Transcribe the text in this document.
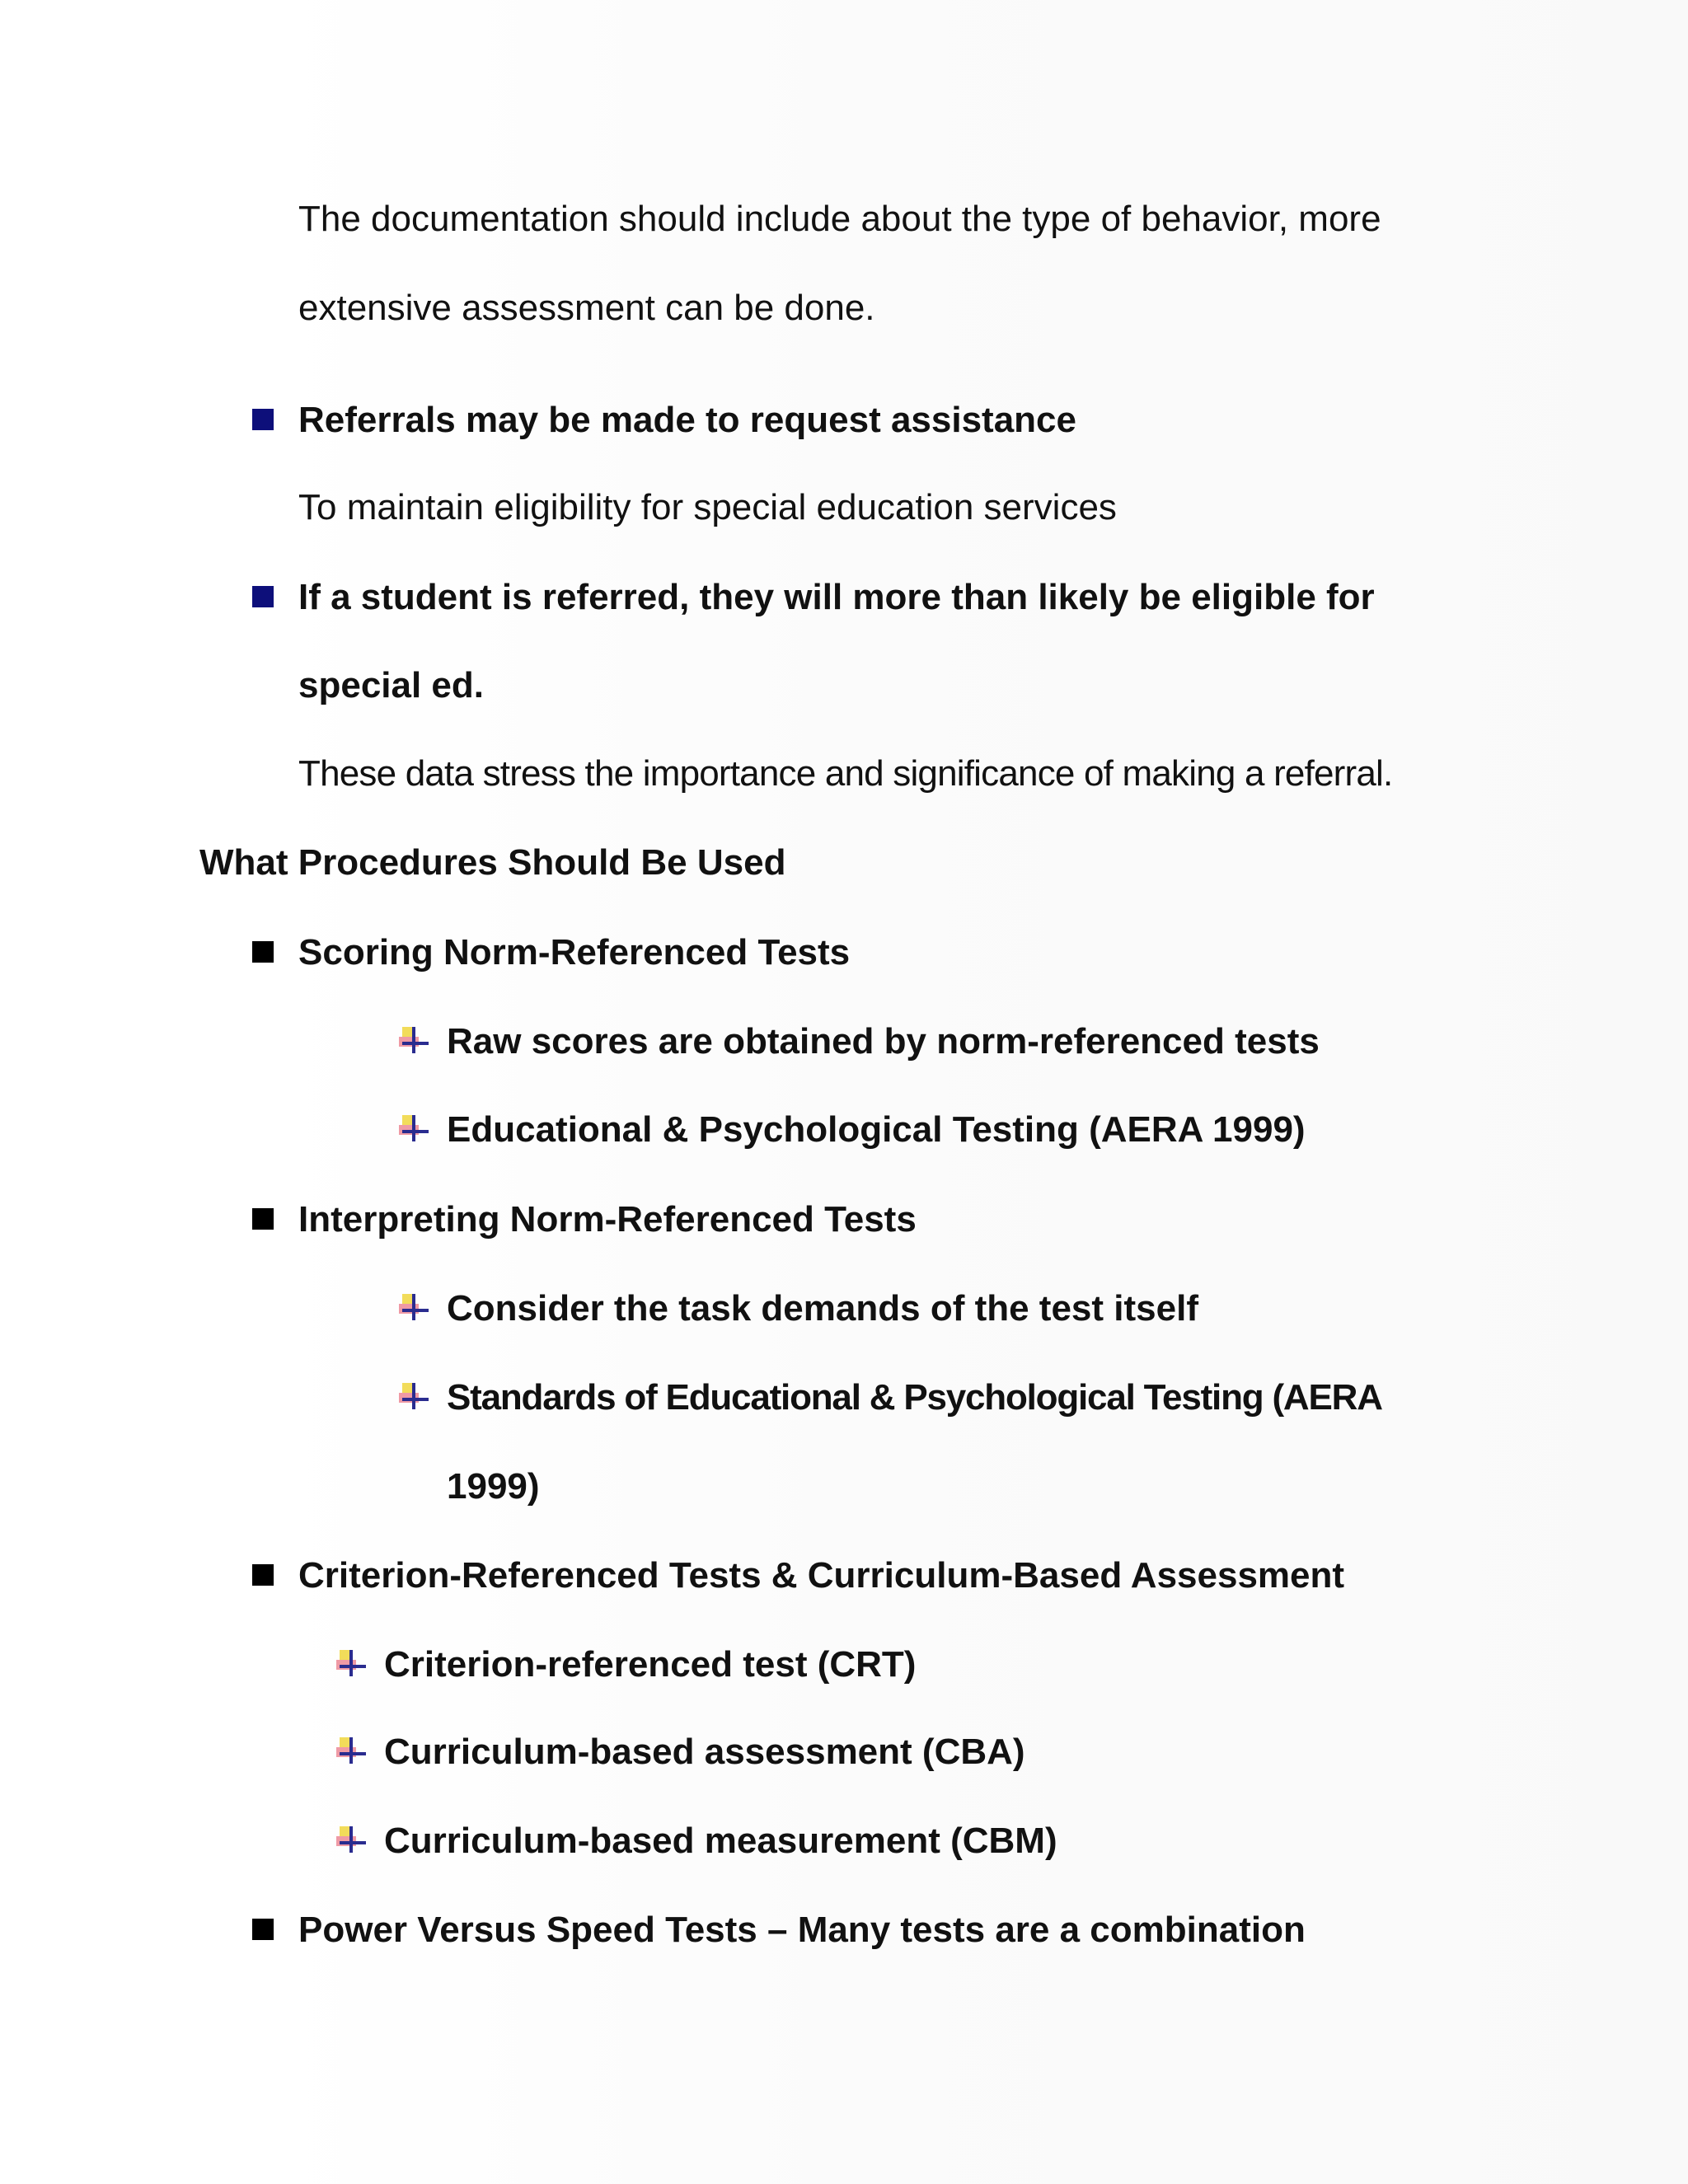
The documentation should include about the type of behavior, more
extensive assessment can be done.
Referrals may be made to request assistance
To maintain eligibility for special education services
If a student is referred, they will more than likely be eligible for
special ed.
These data stress the importance and significance of making a referral.
What Procedures Should Be Used
Scoring Norm-Referenced Tests
Raw scores are obtained by norm-referenced tests
Educational & Psychological Testing (AERA 1999)
Interpreting Norm-Referenced Tests
Consider the task demands of the test itself
Standards of Educational & Psychological Testing (AERA
1999)
Criterion-Referenced Tests & Curriculum-Based Assessment
Criterion-referenced test (CRT)
Curriculum-based assessment (CBA)
Curriculum-based measurement (CBM)
Power Versus Speed Tests – Many tests are a combination
